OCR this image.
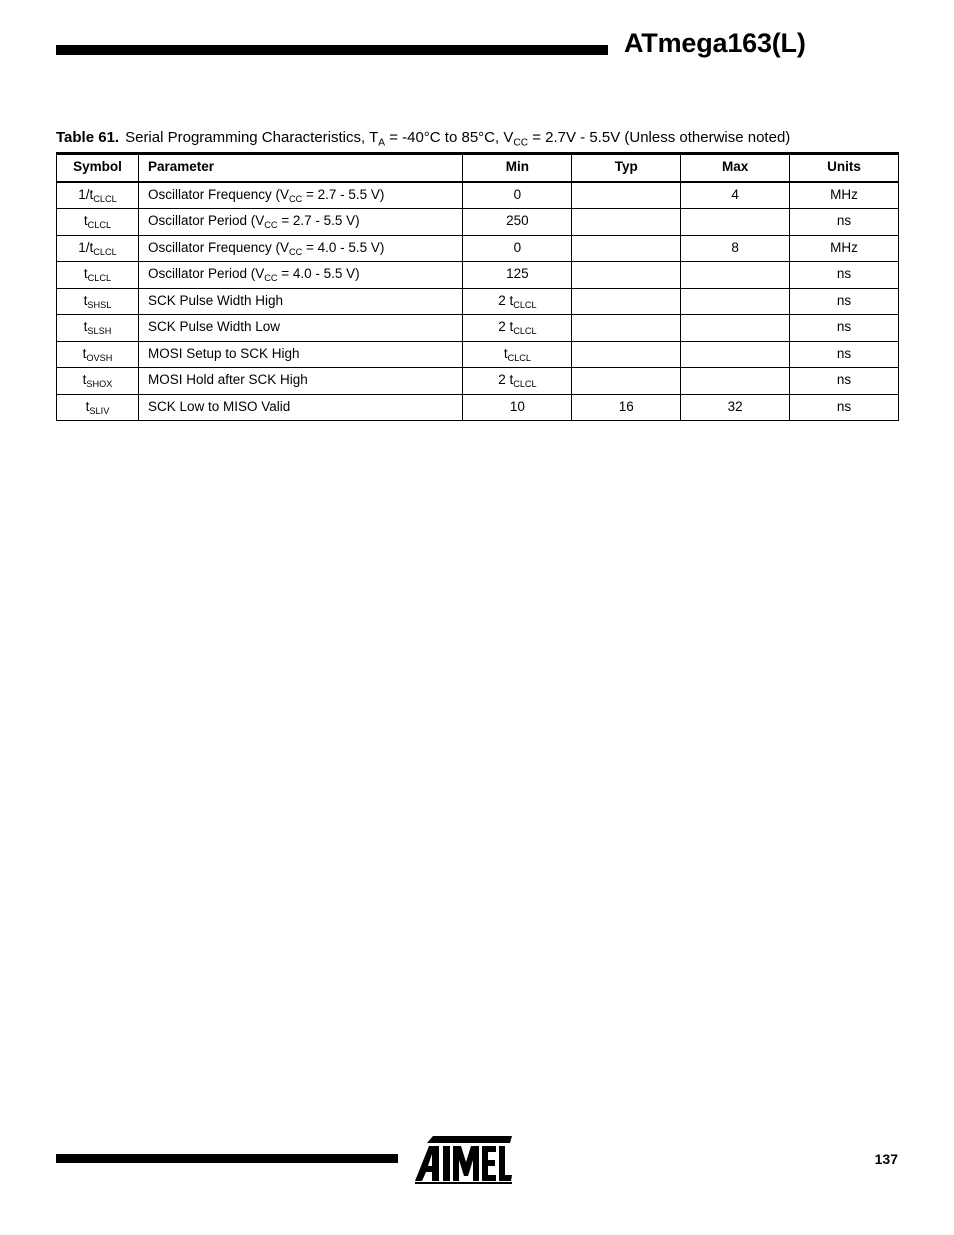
ATmega163(L)
Table 61. Serial Programming Characteristics, $T_A = -40^\circ C$ to 85°C, $V_{CC} = 2.7V - 5.5V$ (Unless otherwise noted)
Symbol	Parameter	Min	Typ	Max	Units
$1/t_{CLCL}$	Oscillator Frequency ($V_{CC} = 2.7 - 5.5$ V)	0		4	MHz
$t_{CLCL}$	Oscillator Period ($V_{CC} = 2.7 - 5.5$ V)	250			ns
$1/t_{CLCL}$	Oscillator Frequency ($V_{CC} = 4.0 - 5.5$ V)	0		8	MHz
$t_{CLCL}$	Oscillator Period ($V_{CC} = 4.0 - 5.5$ V)	125			ns
$t_{SHSL}$	SCK Pulse Width High	2 $t_{CLCL}$			ns
$t_{SLSH}$	SCK Pulse Width Low	2 $t_{CLCL}$			ns
$t_{OVSH}$	MOSI Setup to SCK High	$t_{CLCL}$			ns
$t_{SHOX}$	MOSI Hold after SCK High	2 $t_{CLCL}$			ns
$t_{SLIV}$	SCK Low to MISO Valid	10	16	32	ns
137
